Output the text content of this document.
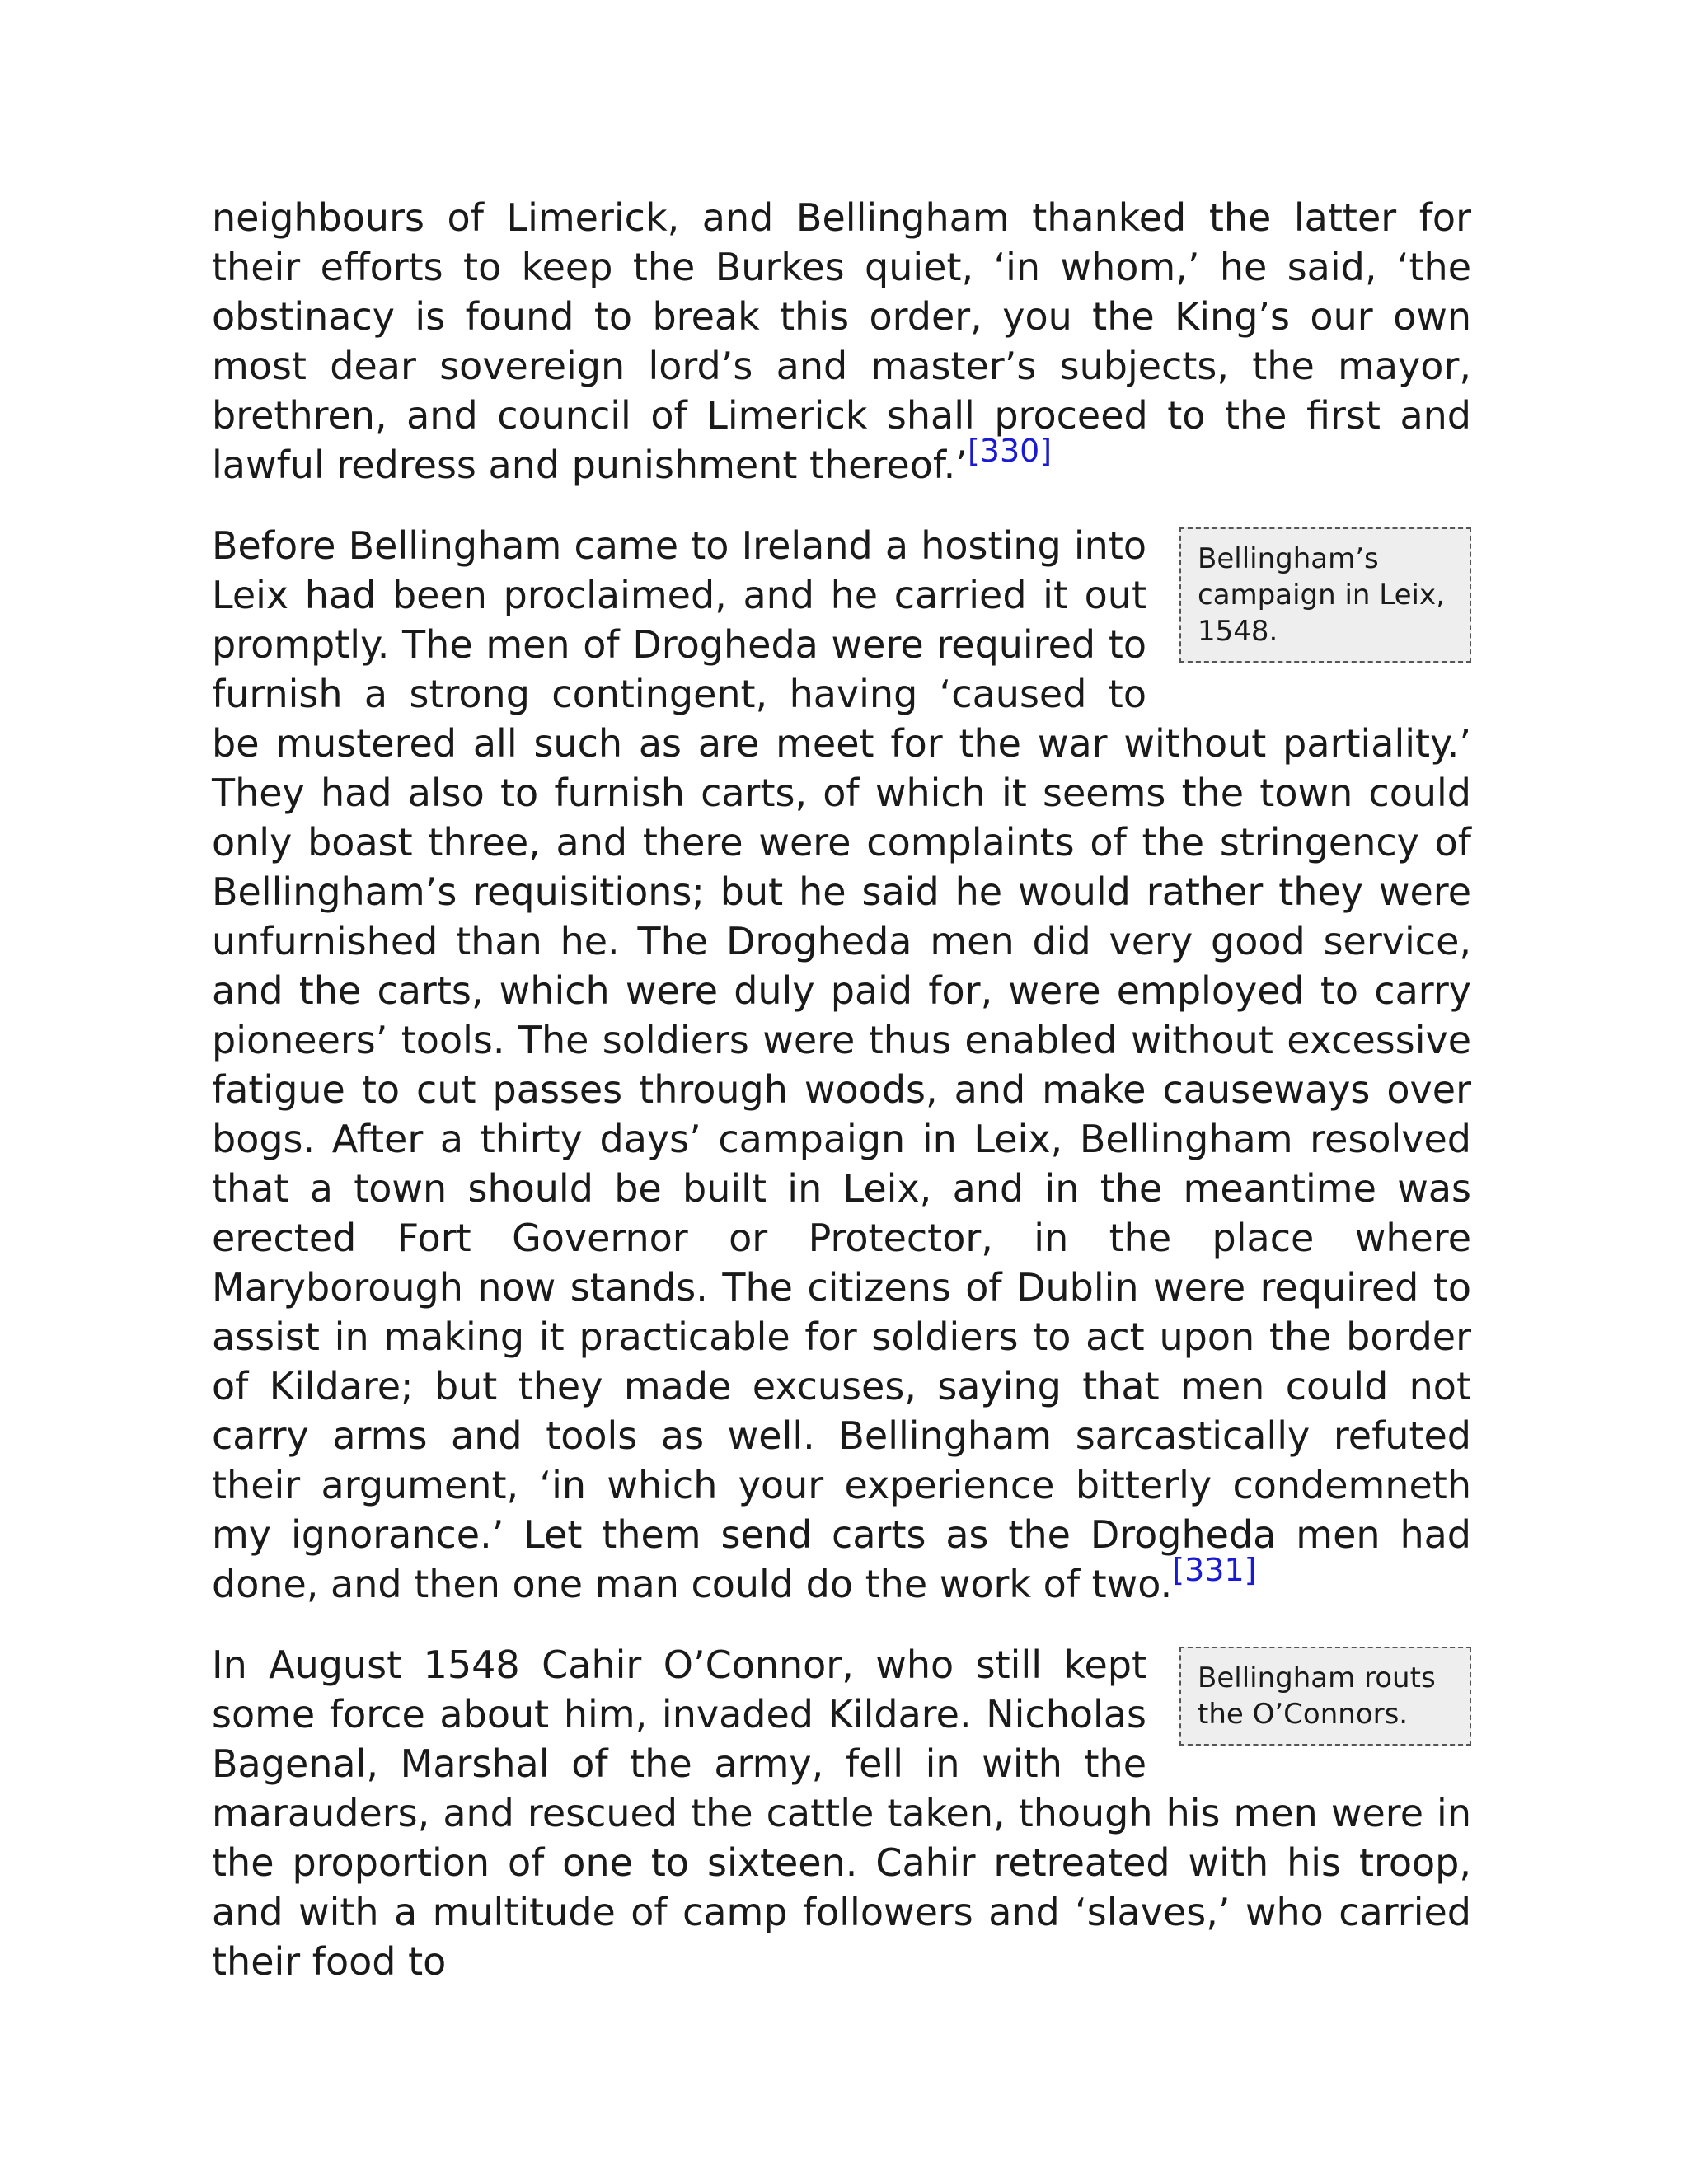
neighbours of Limerick, and Bellingham thanked the latter for their efforts to keep the Burkes quiet, ‘in whom,’ he said, ‘the obstinacy is found to break this order, you the King’s our own most dear sovereign lord’s and master’s subjects, the mayor, brethren, and council of Limerick shall proceed to the first and lawful redress and punishment thereof.’[330]

Bellingham’s campaign in Leix, 1548.
Before Bellingham came to Ireland a hosting into Leix had been proclaimed, and he carried it out promptly. The men of Drogheda were required to furnish a strong contingent, having ‘caused to be mustered all such as are meet for the war without partiality.’ They had also to furnish carts, of which it seems the town could only boast three, and there were complaints of the stringency of Bellingham’s requisitions; but he said he would rather they were unfurnished than he. The Drogheda men did very good service, and the carts, which were duly paid for, were employed to carry pioneers’ tools. The soldiers were thus enabled without excessive fatigue to cut passes through woods, and make causeways over bogs. After a thirty days’ campaign in Leix, Bellingham resolved that a town should be built in Leix, and in the meantime was erected Fort Governor or Protector, in the place where Maryborough now stands. The citizens of Dublin were required to assist in making it practicable for soldiers to act upon the border of Kildare; but they made excuses, saying that men could not carry arms and tools as well. Bellingham sarcastically refuted their argument, ‘in which your experience bitterly condemneth my ignorance.’ Let them send carts as the Drogheda men had done, and then one man could do the work of two.[331]

Bellingham routs the O’Connors.
In August 1548 Cahir O’Connor, who still kept some force about him, invaded Kildare. Nicholas Bagenal, Marshal of the army, fell in with the marauders, and rescued the cattle taken, though his men were in the proportion of one to sixteen. Cahir retreated with his troop, and with a multitude of camp followers and ‘slaves,’ who carried their food to
